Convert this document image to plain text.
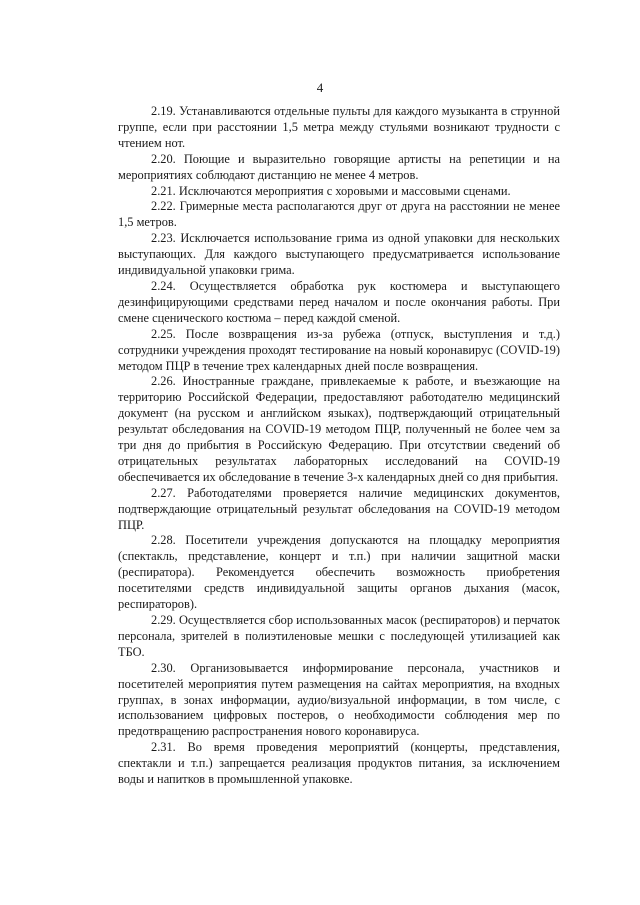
4

2.19. Устанавливаются отдельные пульты для каждого музыканта в струнной группе, если при расстоянии 1,5 метра между стульями возникают трудности с чтением нот.

2.20. Поющие и выразительно говорящие артисты на репетиции и на мероприятиях соблюдают дистанцию не менее 4 метров.

2.21. Исключаются мероприятия с хоровыми и массовыми сценами.

2.22. Гримерные места располагаются друг от друга на расстоянии не менее 1,5 метров.

2.23. Исключается использование грима из одной упаковки для нескольких выступающих. Для каждого выступающего предусматривается использование индивидуальной упаковки грима.

2.24. Осуществляется обработка рук костюмера и выступающего дезинфицирующими средствами перед началом и после окончания работы. При смене сценического костюма – перед каждой сменой.

2.25. После возвращения из-за рубежа (отпуск, выступления и т.д.) сотрудники учреждения проходят тестирование на новый коронавирус (COVID-19) методом ПЦР в течение трех календарных дней после возвращения.

2.26. Иностранные граждане, привлекаемые к работе, и въезжающие на территорию Российской Федерации, предоставляют работодателю медицинский документ (на русском и английском языках), подтверждающий отрицательный результат обследования на COVID-19 методом ПЦР, полученный не более чем за три дня до прибытия в Российскую Федерацию. При отсутствии сведений об отрицательных результатах лабораторных исследований на COVID-19 обеспечивается их обследование в течение 3-х календарных дней со дня прибытия.

2.27. Работодателями проверяется наличие медицинских документов, подтверждающие отрицательный результат обследования на COVID-19 методом ПЦР.

2.28. Посетители учреждения допускаются на площадку мероприятия (спектакль, представление, концерт и т.п.) при наличии защитной маски (респиратора). Рекомендуется обеспечить возможность приобретения посетителями средств индивидуальной защиты органов дыхания (масок, респираторов).

2.29. Осуществляется сбор использованных масок (респираторов) и перчаток персонала, зрителей в полиэтиленовые мешки с последующей утилизацией как ТБО.

2.30. Организовывается информирование персонала, участников и посетителей мероприятия путем размещения на сайтах мероприятия, на входных группах, в зонах информации, аудио/визуальной информации, в том числе, с использованием цифровых постеров, о необходимости соблюдения мер по предотвращению распространения нового коронавируса.

2.31. Во время проведения мероприятий (концерты, представления, спектакли и т.п.) запрещается реализация продуктов питания, за исключением воды и напитков в промышленной упаковке.
